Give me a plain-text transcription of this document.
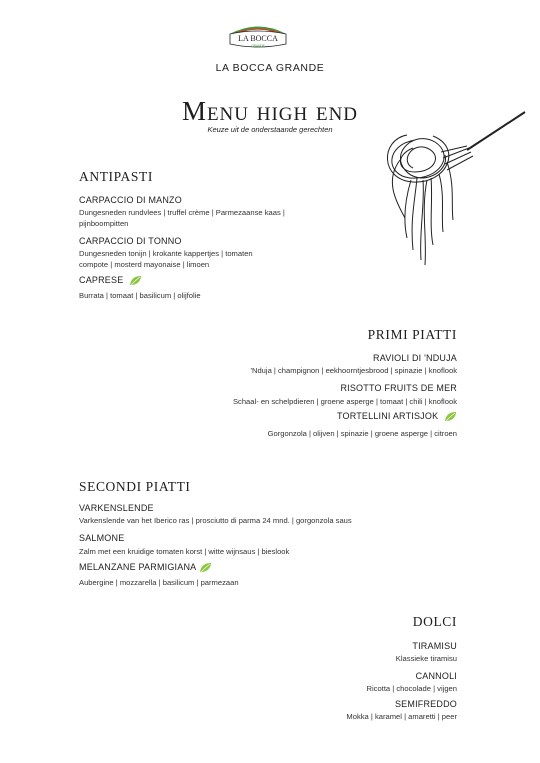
LA BOCCA
GRANDE
LA BOCCA GRANDE
Menu high end
Keuze uit de onderstaande gerechten
ANTIPASTI
CARPACCIO DI MANZO
Dungesneden rundvlees | truffel crème | Parmezaanse kaas |
pijnboompitten
CARPACCIO DI TONNO
Dungesneden tonijn | krokante kappertjes | tomaten
compote | mosterd mayonaise | limoen
CAPRESE
Burrata | tomaat | basilicum | olijfolie
PRIMI PIATTI
RAVIOLI DI 'NDUJA
'Nduja | champignon | eekhoorntjesbrood | spinazie | knoflook
RISOTTO FRUITS DE MER
Schaal- en schelpdieren | groene asperge | tomaat | chili | knoflook
TORTELLINI ARTISJOK
Gorgonzola | olijven | spinazie | groene asperge | citroen
SECONDI PIATTI
VARKENSLENDE
Varkenslende van het Iberico ras | prosciutto di parma 24 mnd. | gorgonzola saus
SALMONE
Zalm met een kruidige tomaten korst | witte wijnsaus | bieslook
MELANZANE PARMIGIANA
Aubergine | mozzarella | basilicum | parmezaan
DOLCI
TIRAMISU
Klassieke tiramisu
CANNOLI
Ricotta | chocolade | vijgen
SEMIFREDDO
Mokka | karamel | amaretti | peer
